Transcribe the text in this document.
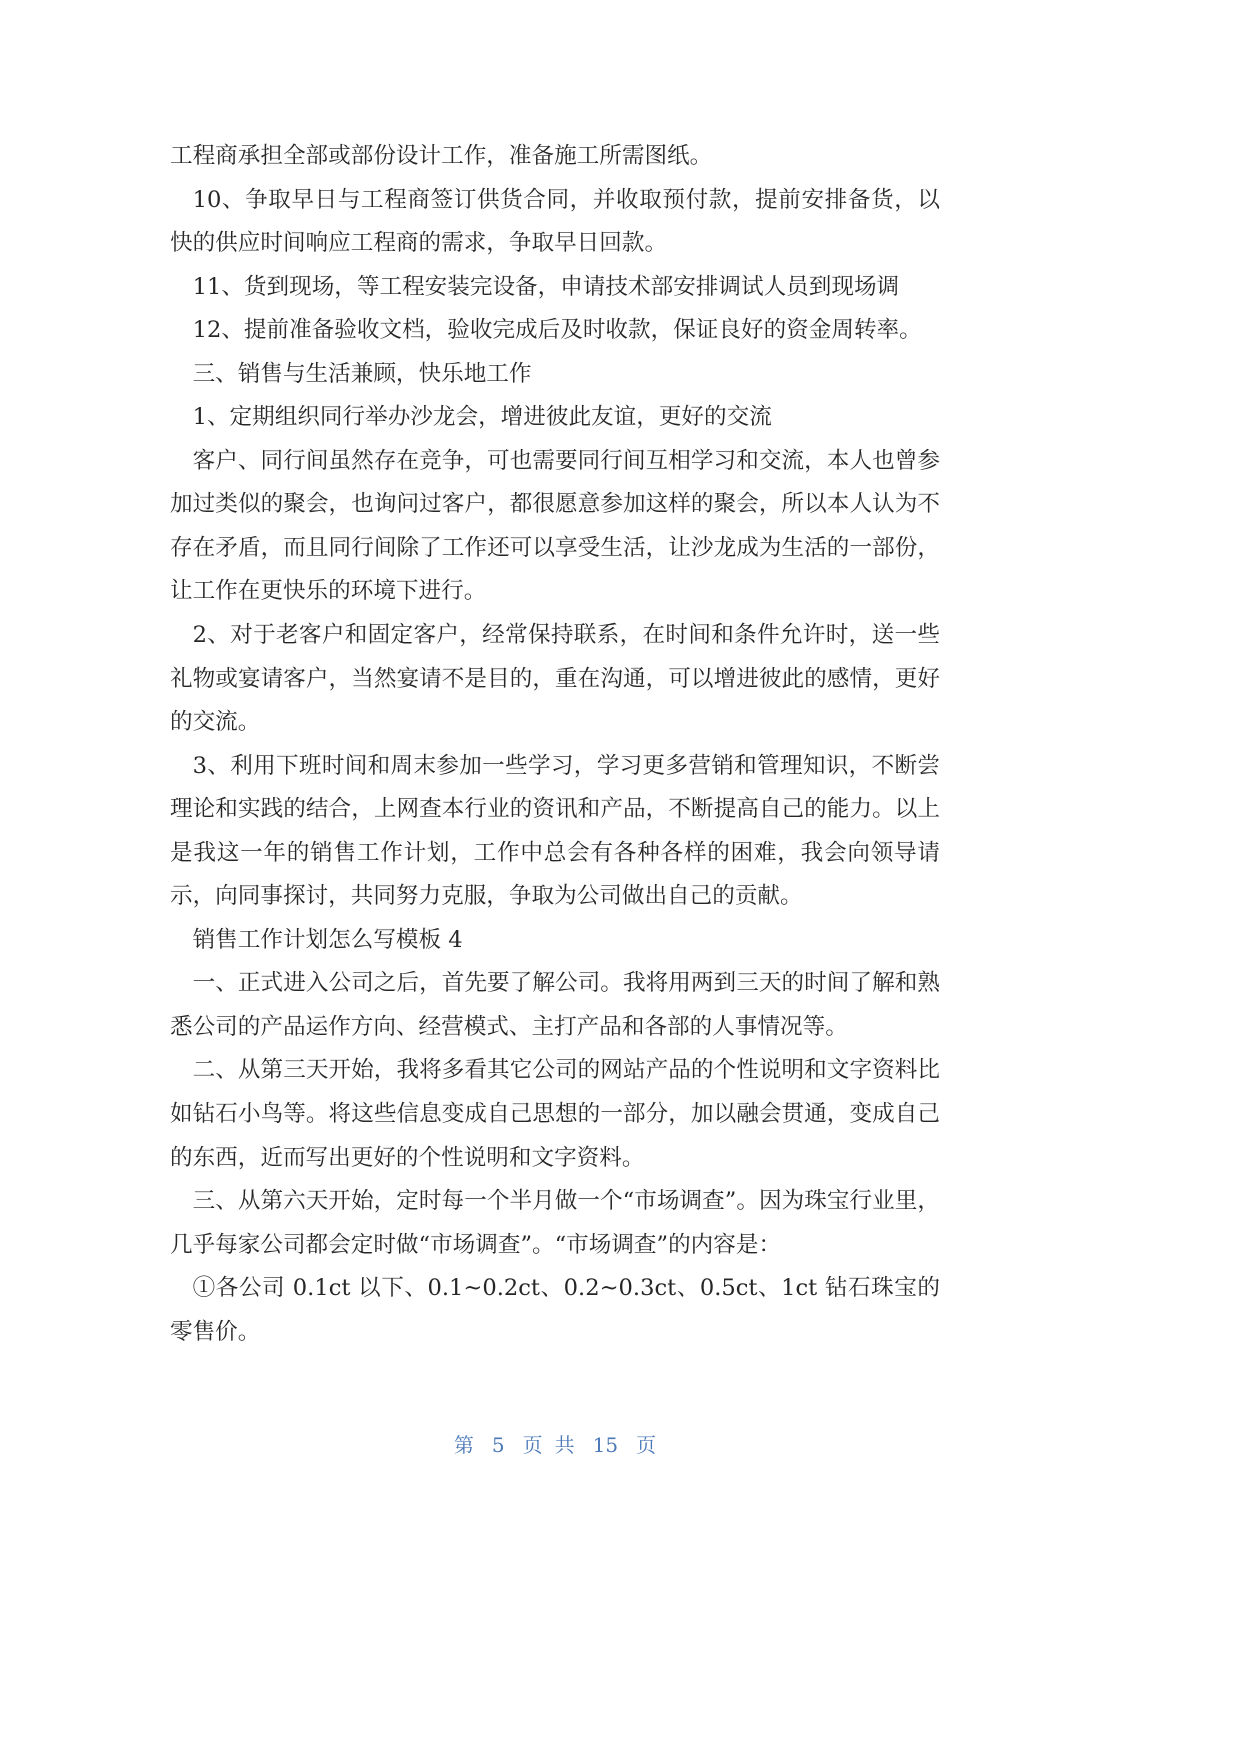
工程商承担全部或部份设计工作，准备施工所需图纸。
10、争取早日与工程商签订供货合同，并收取预付款，提前安排备货，以
快的供应时间响应工程商的需求，争取早日回款。
11、货到现场，等工程安装完设备，申请技术部安排调试人员到现场调
12、提前准备验收文档，验收完成后及时收款，保证良好的资金周转率。
三、销售与生活兼顾，快乐地工作
1、定期组织同行举办沙龙会，增进彼此友谊，更好的交流
客户、同行间虽然存在竞争，可也需要同行间互相学习和交流，本人也曾参
加过类似的聚会，也询问过客户，都很愿意参加这样的聚会，所以本人认为不
存在矛盾，而且同行间除了工作还可以享受生活，让沙龙成为生活的一部份，
让工作在更快乐的环境下进行。
2、对于老客户和固定客户，经常保持联系，在时间和条件允许时，送一些
礼物或宴请客户，当然宴请不是目的，重在沟通，可以增进彼此的感情，更好
的交流。
3、利用下班时间和周末参加一些学习，学习更多营销和管理知识，不断尝
理论和实践的结合，上网查本行业的资讯和产品，不断提高自己的能力。以上
是我这一年的销售工作计划，工作中总会有各种各样的困难，我会向领导请
示，向同事探讨，共同努力克服，争取为公司做出自己的贡献。
销售工作计划怎么写模板 4
一、正式进入公司之后，首先要了解公司。我将用两到三天的时间了解和熟
悉公司的产品运作方向、经营模式、主打产品和各部的人事情况等。
二、从第三天开始，我将多看其它公司的网站产品的个性说明和文字资料比
如钻石小鸟等。将这些信息变成自己思想的一部分，加以融会贯通，变成自己
的东西，近而写出更好的个性说明和文字资料。
三、从第六天开始，定时每一个半月做一个“市场调查”。因为珠宝行业里，
几乎每家公司都会定时做“市场调查”。“市场调查”的内容是：
①各公司 0.1ct 以下、0.1~0.2ct、0.2~0.3ct、0.5ct、1ct 钻石珠宝的
零售价。
第 5 页共 15 页
